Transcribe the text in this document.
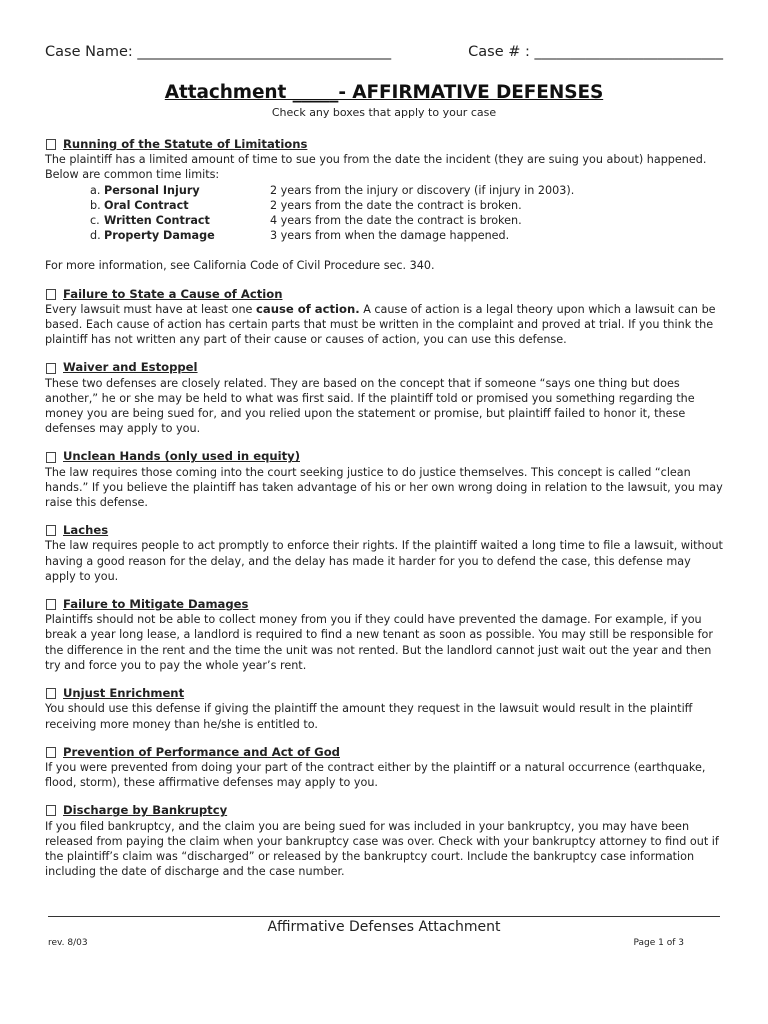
Case Name: ___________________________________	Case # : __________________________
Attachment _____- AFFIRMATIVE DEFENSES
Check any boxes that apply to your case
Running of the Statute of Limitations
The plaintiff has a limited amount of time to sue you from the date the incident (they are suing you about) happened. Below are common time limits:
a. Personal Injury	2 years from the injury or discovery (if injury in 2003).
b. Oral Contract	2 years from the date the contract is broken.
c. Written Contract	4 years from the date the contract is broken.
d. Property Damage	3 years from when the damage happened.
For more information, see California Code of Civil Procedure sec. 340.
Failure to State a Cause of Action
Every lawsuit must have at least one cause of action. A cause of action is a legal theory upon which a lawsuit can be based. Each cause of action has certain parts that must be written in the complaint and proved at trial. If you think the plaintiff has not written any part of their cause or causes of action, you can use this defense.
Waiver and Estoppel
These two defenses are closely related. They are based on the concept that if someone “says one thing but does another,” he or she may be held to what was first said. If the plaintiff told or promised you something regarding the money you are being sued for, and you relied upon the statement or promise, but plaintiff failed to honor it, these defenses may apply to you.
Unclean Hands (only used in equity)
The law requires those coming into the court seeking justice to do justice themselves. This concept is called “clean hands.” If you believe the plaintiff has taken advantage of his or her own wrong doing in relation to the lawsuit, you may raise this defense.
Laches
The law requires people to act promptly to enforce their rights. If the plaintiff waited a long time to file a lawsuit, without having a good reason for the delay, and the delay has made it harder for you to defend the case, this defense may apply to you.
Failure to Mitigate Damages
Plaintiffs should not be able to collect money from you if they could have prevented the damage. For example, if you break a year long lease, a landlord is required to find a new tenant as soon as possible. You may still be responsible for the difference in the rent and the time the unit was not rented. But the landlord cannot just wait out the year and then try and force you to pay the whole year’s rent.
Unjust Enrichment
You should use this defense if giving the plaintiff the amount they request in the lawsuit would result in the plaintiff receiving more money than he/she is entitled to.
Prevention of Performance and Act of God
If you were prevented from doing your part of the contract either by the plaintiff or a natural occurrence (earthquake, flood, storm), these affirmative defenses may apply to you.
Discharge by Bankruptcy
If you filed bankruptcy, and the claim you are being sued for was included in your bankruptcy, you may have been released from paying the claim when your bankruptcy case was over. Check with your bankruptcy attorney to find out if the plaintiff’s claim was “discharged” or released by the bankruptcy court. Include the bankruptcy case information including the date of discharge and the case number.
Affirmative Defenses Attachment
rev. 8/03	Page 1 of 3
